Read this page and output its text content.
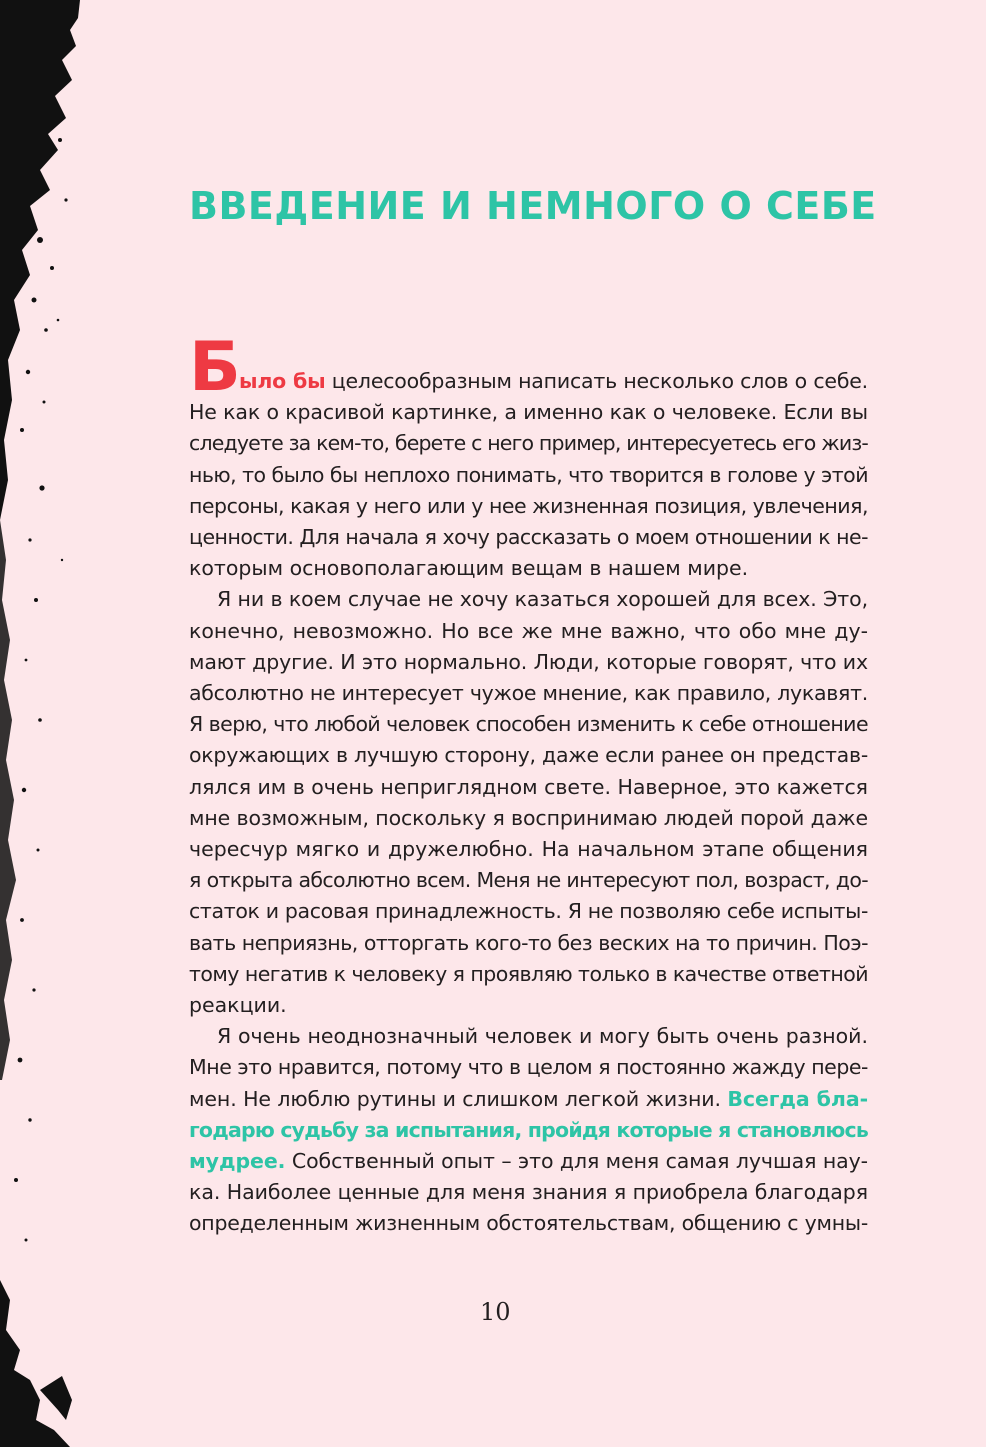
ВВЕДЕНИЕ И НЕМНОГО О СЕБЕ
Б
ыло бы целесообразным написать несколько слов о себе.
Не как о красивой картинке, а именно как о человеке. Если вы
следуете за кем-то, берете с него пример, интересуетесь его жиз-
нью, то было бы неплохо понимать, что творится в голове у этой
персоны, какая у него или у нее жизненная позиция, увлечения,
ценности. Для начала я хочу рассказать о моем отношении к не-
которым основополагающим вещам в нашем мире.
Я ни в коем случае не хочу казаться хорошей для всех. Это,
конечно, невозможно. Но все же мне важно, что обо мне ду-
мают другие. И это нормально. Люди, которые говорят, что их
абсолютно не интересует чужое мнение, как правило, лукавят.
Я верю, что любой человек способен изменить к себе отношение
окружающих в лучшую сторону, даже если ранее он представ-
лялся им в очень неприглядном свете. Наверное, это кажется
мне возможным, поскольку я воспринимаю людей порой даже
чересчур мягко и дружелюбно. На начальном этапе общения
я открыта абсолютно всем. Меня не интересуют пол, возраст, до-
статок и расовая принадлежность. Я не позволяю себе испыты-
вать неприязнь, отторгать кого-то без веских на то причин. Поэ-
тому негатив к человеку я проявляю только в качестве ответной
реакции.
Я очень неоднозначный человек и могу быть очень разной.
Мне это нравится, потому что в целом я постоянно жажду пере-
мен. Не люблю рутины и слишком легкой жизни. Всегда бла-
годарю судьбу за испытания, пройдя которые я становлюсь
мудрее. Собственный опыт – это для меня самая лучшая нау-
ка. Наиболее ценные для меня знания я приобрела благодаря
определенным жизненным обстоятельствам, общению с умны-
10
